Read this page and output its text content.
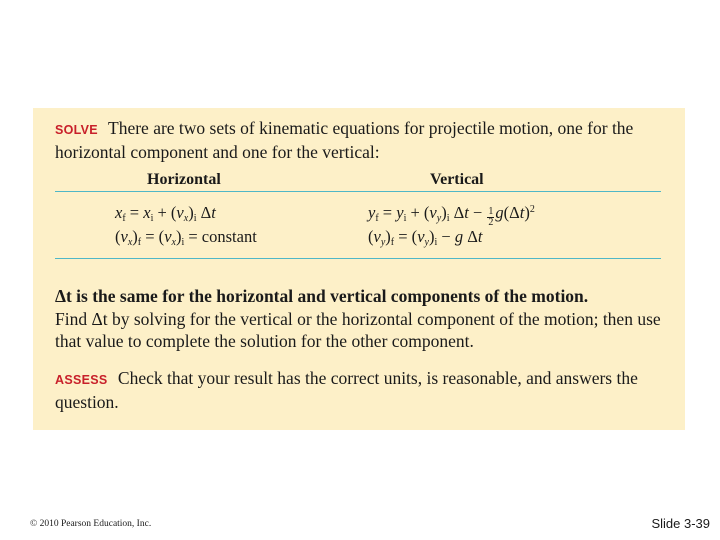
SOLVE There are two sets of kinematic equations for projectile motion, one for the horizontal component and one for the vertical:

Horizontal	Vertical
$x_f = x_i + (v_x)_i$ Δt
$(v_x)_f = (v_x)_i$ = constant
$y_f = y_i + (v_y)_i$ $\Delta t - \frac{1}{2} g(\Delta t)^2$
$(v_y)_f = (v_y)_i - g$ Δt
Δt is the same for the horizontal and vertical components of the motion.

Find Δt by solving for the vertical or the horizontal component of the motion; then use that value to complete the solution for the other component.

ASSESS Check that your result has the correct units, is reasonable, and answers the question.

© 2010 Pearson Education, Inc.	Slide 3-39
